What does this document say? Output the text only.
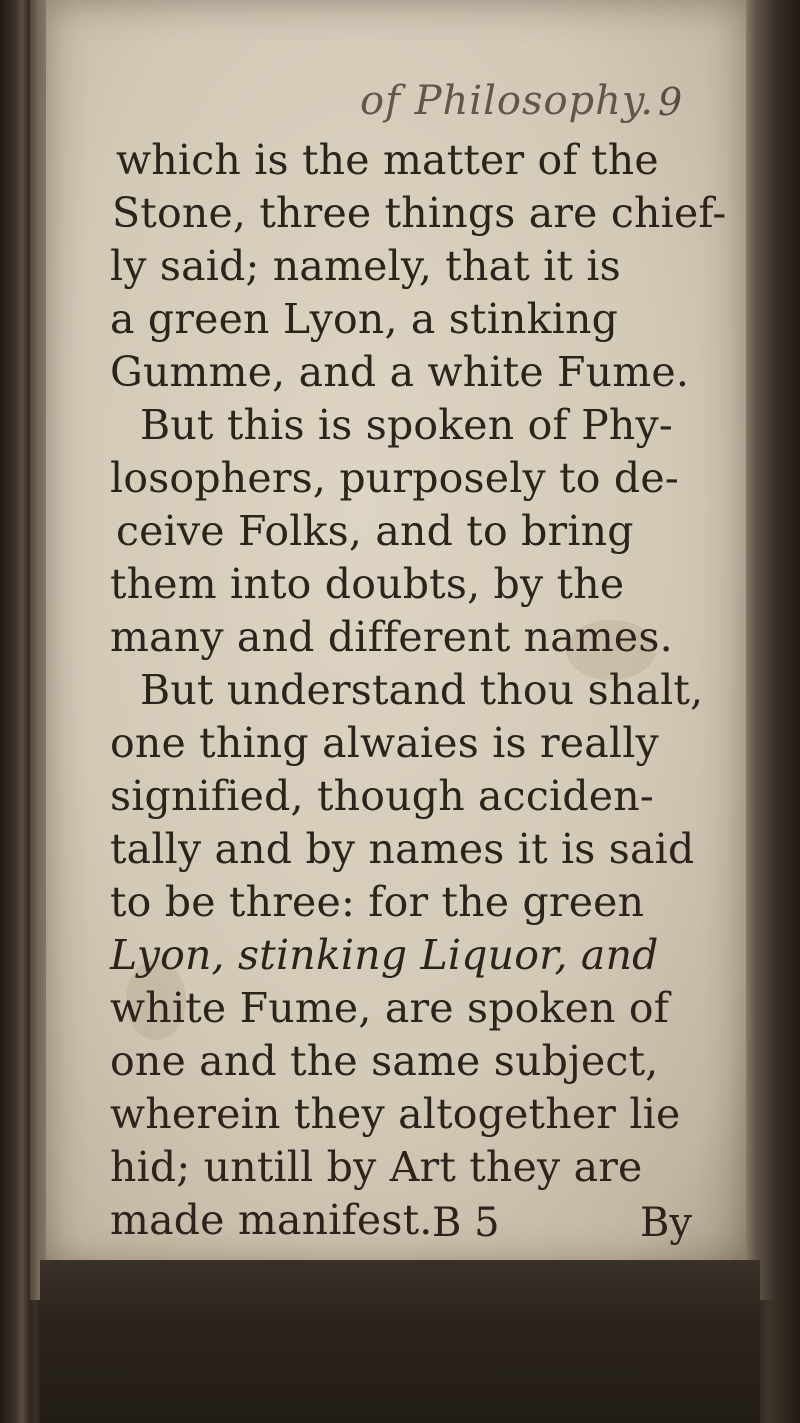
of Philosophy. 9
which is the matter of the
Stone, three things are chief-
ly said; namely, that it is
a green Lyon, a stinking
Gumme, and a white Fume.
But this is spoken of Phy-
losophers, purposely to de-
ceive Folks, and to bring
them into doubts, by the
many and different names.
But understand thou shalt,
one thing alwaies is really
signified, though acciden-
tally and by names it is said
to be three: for the green
Lyon, stinking Liquor, and
white Fume, are spoken of
one and the same subject,
wherein they altogether lie
hid; untill by Art they are
made manifest. B 5	By
